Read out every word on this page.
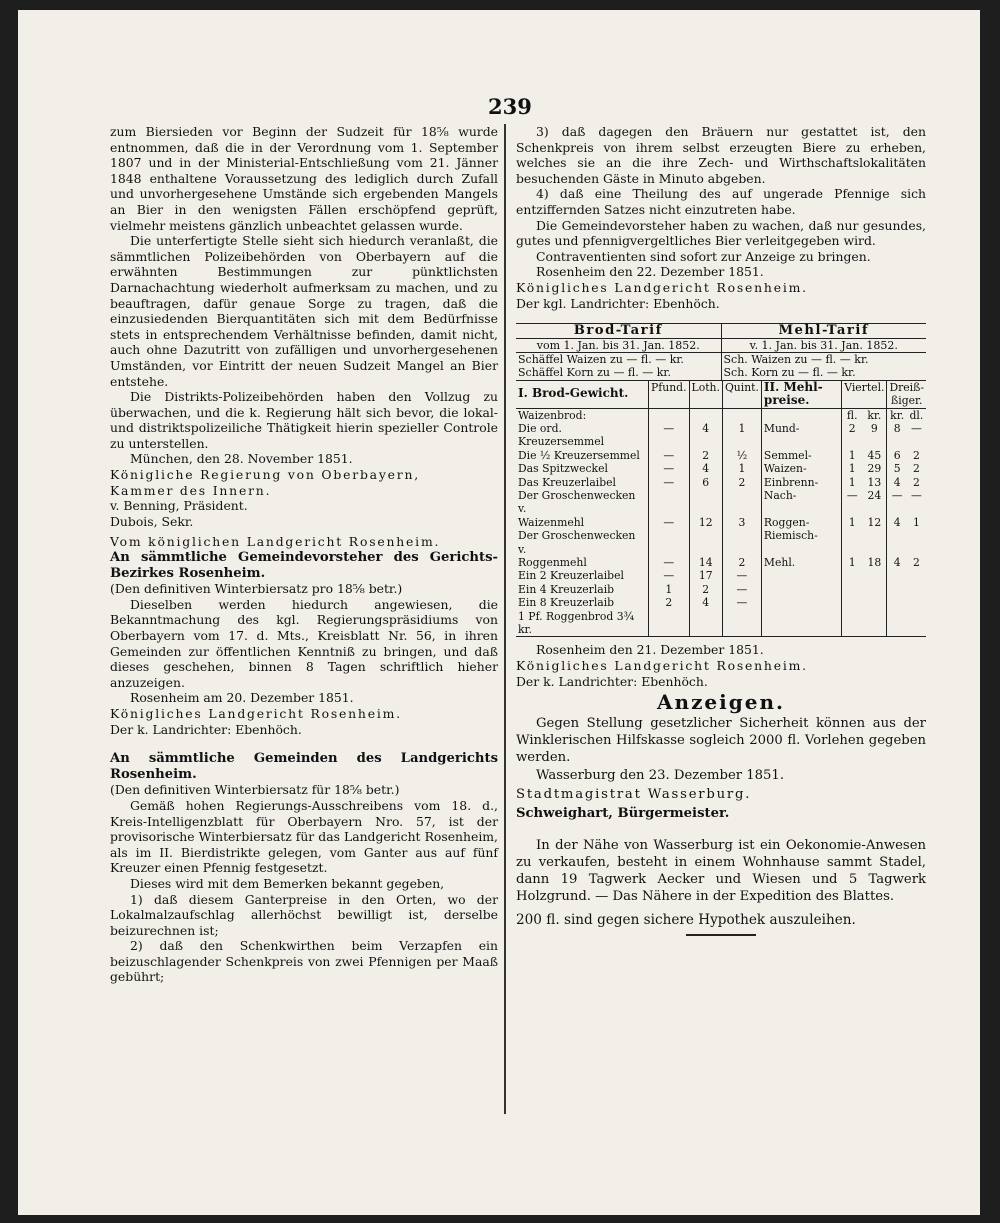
239

zum Biersieden vor Beginn der Sudzeit für 18⅝ wurde entnommen, daß die in der Verordnung vom 1. September 1807 und in der Ministerial-Entschließung vom 21. Jänner 1848 enthaltene Voraussetzung des lediglich durch Zufall und unvorhergesehene Umstände sich ergebenden Mangels an Bier in den wenigsten Fällen erschöpfend geprüft, vielmehr meistens gänzlich unbeachtet gelassen wurde.

Die unterfertigte Stelle sieht sich hiedurch veranlaßt, die sämmtlichen Polizeibehörden von Oberbayern auf die erwähnten Bestimmungen zur pünktlichsten Darnachachtung wiederholt aufmerksam zu machen, und zu beauftragen, dafür genaue Sorge zu tragen, daß die einzusiedenden Bierquantitäten sich mit dem Bedürfnisse stets in entsprechendem Verhältnisse befinden, damit nicht, auch ohne Dazutritt von zufälligen und unvorhergesehenen Umständen, vor Eintritt der neuen Sudzeit Mangel an Bier entstehe.

Die Distrikts-Polizeibehörden haben den Vollzug zu überwachen, und die k. Regierung hält sich bevor, die lokal- und distriktspolizeiliche Thätigkeit hierin spezieller Controle zu unterstellen.

München, den 28. November 1851.

Königliche Regierung von Oberbayern,

Kammer des Innern.

v. Benning, Präsident.

Dubois, Sekr.

Vom königlichen Landgericht Rosenheim.

An sämmtliche Gemeindevorsteher des Gerichts-Bezirkes Rosenheim.

(Den definitiven Winterbiersatz pro 18⅝ betr.)

Dieselben werden hiedurch angewiesen, die Bekanntmachung des kgl. Regierungspräsidiums von Oberbayern vom 17. d. Mts., Kreisblatt Nr. 56, in ihren Gemeinden zur öffentlichen Kenntniß zu bringen, und daß dieses geschehen, binnen 8 Tagen schriftlich hieher anzuzeigen.

Rosenheim am 20. Dezember 1851.

Königliches Landgericht Rosenheim.

Der k. Landrichter: Ebenhöch.

An sämmtliche Gemeinden des Landgerichts Rosenheim.

(Den definitiven Winterbiersatz für 18⅝ betr.)

Gemäß hohen Regierungs-Ausschreibens vom 18. d., Kreis-Intelligenzblatt für Oberbayern Nro. 57, ist der provisorische Winterbiersatz für das Landgericht Rosenheim, als im II. Bierdistrikte gelegen, vom Ganter aus auf fünf Kreuzer einen Pfennig festgesetzt.

Dieses wird mit dem Bemerken bekannt gegeben,

1) daß diesem Ganterpreise in den Orten, wo der Lokalmalzaufschlag allerhöchst bewilligt ist, derselbe beizurechnen ist;

2) daß den Schenkwirthen beim Verzapfen ein beizuschlagender Schenkpreis von zwei Pfennigen per Maaß gebührt;

3) daß dagegen den Bräuern nur gestattet ist, den Schenkpreis von ihrem selbst erzeugten Biere zu erheben, welches sie an die ihre Zech- und Wirthschaftslokalitäten besuchenden Gäste in Minuto abgeben.

4) daß eine Theilung des auf ungerade Pfennige sich entziffernden Satzes nicht einzutreten habe.

Die Gemeindevorsteher haben zu wachen, daß nur gesundes, gutes und pfennigvergeltliches Bier verleitgegeben wird.

Contraventienten sind sofort zur Anzeige zu bringen.

Rosenheim den 22. Dezember 1851.

Königliches Landgericht Rosenheim.

Der kgl. Landrichter: Ebenhöch.

Brod-Tarif	Mehl-Tarif
vom 1. Jan. bis 31. Jan. 1852.	v. 1. Jan. bis 31. Jan. 1852.
Schäffel Waizen zu — fl. — kr.	Sch. Waizen zu — fl. — kr.
Schäffel Korn zu — fl. — kr.	Sch. Korn zu — fl. — kr.
I. Brod-Gewicht.	Pfund.	Loth.	Quint.	II. Mehl-preise.	Viertel.		Dreiß-ßiger.	
Waizenbrod:					fl.	kr.	kr.	dl.
Die ord. Kreuzersemmel	—	4	1	Mund-	2	9	8	—
Die ½ Kreuzersemmel	—	2	½	Semmel-	1	45	6	2
Das Spitzweckel	—	4	1	Waizen-	1	29	5	2
Das Kreuzerlaibel	—	6	2	Einbrenn-	1	13	4	2
Der Groschenwecken v.				Nach-	—	24	—	—
Waizenmehl	—	12	3	Roggen-	1	12	4	1
Der Groschenwecken v.				Riemisch-				
Roggenmehl	—	14	2	Mehl.	1	18	4	2
Ein 2 Kreuzerlaibel	—	17	—					
Ein 4 Kreuzerlaib	1	2	—					
Ein 8 Kreuzerlaib	2	4	—					
1 Pf. Roggenbrod 3¾ kr.								

Rosenheim den 21. Dezember 1851.

Königliches Landgericht Rosenheim.

Der k. Landrichter: Ebenhöch.

Anzeigen.

Gegen Stellung gesetzlicher Sicherheit können aus der Winklerischen Hilfskasse sogleich 2000 fl. Vorlehen gegeben werden.

Wasserburg den 23. Dezember 1851.

Stadtmagistrat Wasserburg.

Schweighart, Bürgermeister.

In der Nähe von Wasserburg ist ein Oekonomie-Anwesen zu verkaufen, besteht in einem Wohnhause sammt Stadel, dann 19 Tagwerk Aecker und Wiesen und 5 Tagwerk Holzgrund. — Das Nähere in der Expedition des Blattes.

200 fl. sind gegen sichere Hypothek auszuleihen.
